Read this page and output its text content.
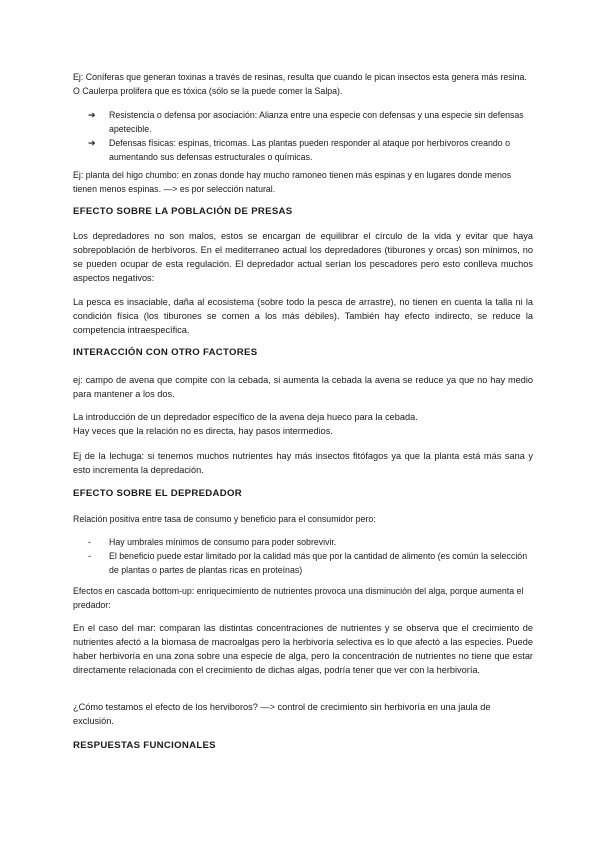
Ej: Coníferas que generan toxinas a través de resinas, resulta que cuando le pican insectos esta genera más resina. O Caulerpa prolifera que es tóxica (sólo se la puede comer la Salpa).

➔ Resistencia o defensa por asociación: Alianza entre una especie con defensas y una especie sin defensas apetecible.
➔ Defensas físicas: espinas, tricomas. Las plantas pueden responder al ataque por herbívoros creando o aumentando sus defensas estructurales o químicas.

Ej: planta del higo chumbo: en zonas donde hay mucho ramoneo tienen más espinas y en lugares donde menos tienen menos espinas. —> es por selección natural.

EFECTO SOBRE LA POBLACIÓN DE PRESAS

Los depredadores no son malos, estos se encargan de equilibrar el círculo de la vida y evitar que haya sobrepoblación de herbívoros. En el mediterraneo actual los depredadores (tiburones y orcas) son mínimos, no se pueden ocupar de esta regulación. El depredador actual serían los pescadores pero esto conlleva muchos aspectos negativos:

La pesca es insaciable, daña al ecosistema (sobre todo la pesca de arrastre), no tienen en cuenta la talla ni la condición física (los tiburones se comen a los más débiles). También hay efecto indirecto, se reduce la competencia intraespecífica.

INTERACCIÓN CON OTRO FACTORES

ej: campo de avena que compite con la cebada, si aumenta la cebada la avena se reduce ya que no hay medio para mantener a los dos.

La introducción de un depredador específico de la avena deja hueco para la cebada.
Hay veces que la relación no es directa, hay pasos intermedios.

Ej de la lechuga: si tenemos muchos nutrientes hay más insectos fitófagos ya que la planta está más sana y esto incrementa la depredación.

EFECTO SOBRE EL DEPREDADOR

Relación positiva entre tasa de consumo y beneficio para el consumidor pero:

- Hay umbrales mínimos de consumo para poder sobrevivir.
- El beneficio puede estar limitado por la calidad más que por la cantidad de alimento (es común la selección de plantas o partes de plantas ricas en proteínas)

Efectos en cascada bottom-up: enriquecimiento de nutrientes provoca una disminución del alga, porque aumenta el predador:

En el caso del mar: comparan las distintas concentraciones de nutrientes y se observa que el crecimiento de nutrientes afectó a la biomasa de macroalgas pero la herbivoría selectiva es lo que afectó a las especies. Puede haber herbivoría en una zona sobre una especie de alga, pero la concentración de nutrientes no tiene que estar directamente relacionada con el crecimiento de dichas algas, podría tener que ver con la herbivoría.

¿Cómo testamos el efecto de los herviboros? —> control de crecimiento sin herbivoría en una jaula de exclusión.

RESPUESTAS FUNCIONALES
